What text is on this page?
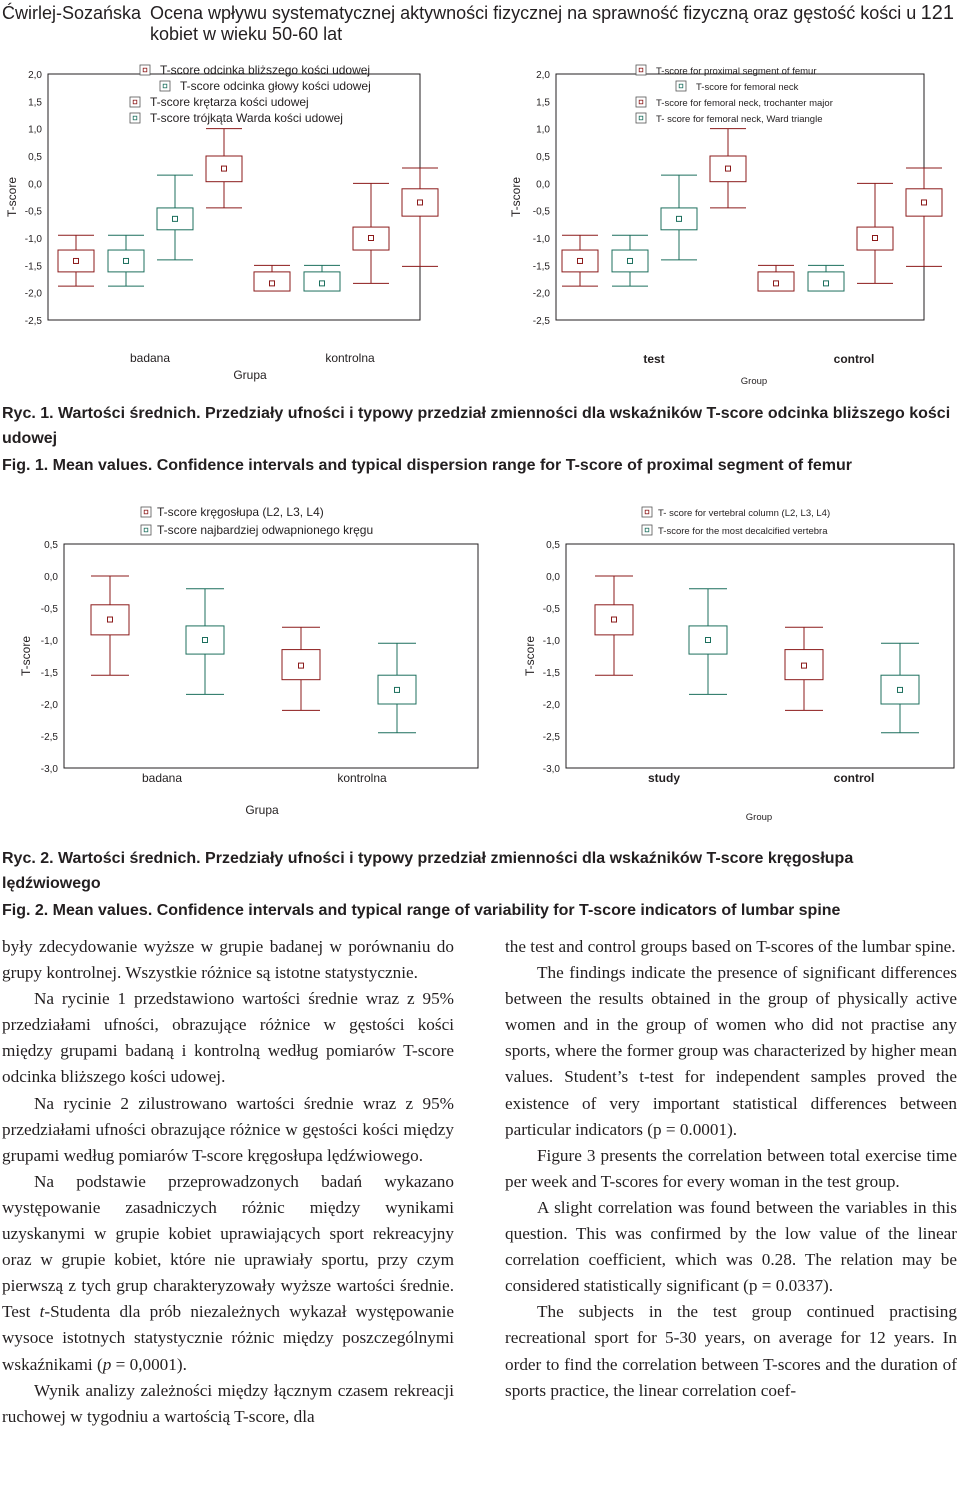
Ćwirlej-Sozańska Ocena wpływu systematycznej aktywności fizycznej na sprawność fizyczną oraz gęstość kości u kobiet w wieku 50-60 lat
121
2,0
1,5
1,0
0,5
0,0
-0,5
-1,0
-1,5
-2,0
-2,5
T-score
badana	kontrolna
Grupa
T-score odcinka bliższego kości udowej
T-score odcinka głowy kości udowej
T-score krętarza kości udowej
T-score trójkąta Warda kości udowej
2,0
1,5
1,0
0,5
0,0
-0,5
-1,0
-1,5
-2,0
-2,5
T-score
test	control
Group
T-score for proximal segment of femur
T-score for femoral neck
T-score for femoral neck, trochanter major
T- score for femoral neck, Ward triangle
Ryc. 1. Wartości średnich. Przedziały ufności i typowy przedział zmienności dla wskaźników T-score odcinka bliższego kości udowej
Fig. 1. Mean values. Confidence intervals and typical dispersion range for T-score of proximal segment of femur
0,5
0,0
-0,5
-1,0
-1,5
-2,0
-2,5
-3,0
T-score
badana	kontrolna
Grupa
T-score kręgosłupa (L2, L3, L4)
T-score najbardziej odwapnionego kręgu
0,5
0,0
-0,5
-1,0
-1,5
-2,0
-2,5
-3,0
T-score
study	control
Group
T- score for vertebral column (L2, L3, L4)
T-score for the most decalcified vertebra
Ryc. 2. Wartości średnich. Przedziały ufności i typowy przedział zmienności dla wskaźników T-score kręgosłupa lędźwiowego
Fig. 2. Mean values. Confidence intervals and typical range of variability for T-score indicators of lumbar spine

były zdecydowanie wyższe w grupie badanej w porównaniu do grupy kontrolnej. Wszystkie różnice są istotne statystycznie.

Na rycinie 1 przedstawiono wartości średnie wraz z 95% przedziałami ufności, obrazujące różnice w gęstości kości między grupami badaną i kontrolną według pomiarów T-score odcinka bliższego kości udowej.

Na rycinie 2 zilustrowano wartości średnie wraz z 95% przedziałami ufności obrazujące różnice w gęstości kości między grupami według pomiarów T-score kręgosłupa lędźwiowego.

Na podstawie przeprowadzonych badań wykazano występowanie zasadniczych różnic między wynikami uzyskanymi w grupie kobiet uprawiających sport rekreacyjny oraz w grupie kobiet, które nie uprawiały sportu, przy czym pierwszą z tych grup charakteryzowały wyższe wartości średnie. Test t-Studenta dla prób niezależnych wykazał występowanie wysoce istotnych statystycznie różnic między poszczególnymi wskaźnikami (p = 0,0001).

Wynik analizy zależności między łącznym czasem rekreacji ruchowej w tygodniu a wartością T-score, dla

the test and control groups based on T-scores of the lumbar spine.

The findings indicate the presence of significant differences between the results obtained in the group of physically active women and in the group of women who did not practise any sports, where the former group was characterized by higher mean values. Student’s t-test for independent samples proved the existence of very important statistical differences between particular indicators (p = 0.0001).

Figure 3 presents the correlation between total exercise time per week and T-scores for every woman in the test group.

A slight correlation was found between the variables in this question. This was confirmed by the low value of the linear correlation coefficient, which was 0.28. The relation may be considered statistically significant (p = 0.0337).

The subjects in the test group continued practising recreational sport for 5-30 years, on average for 12 years. In order to find the correlation between T-scores and the duration of sports practice, the linear correlation coef-
